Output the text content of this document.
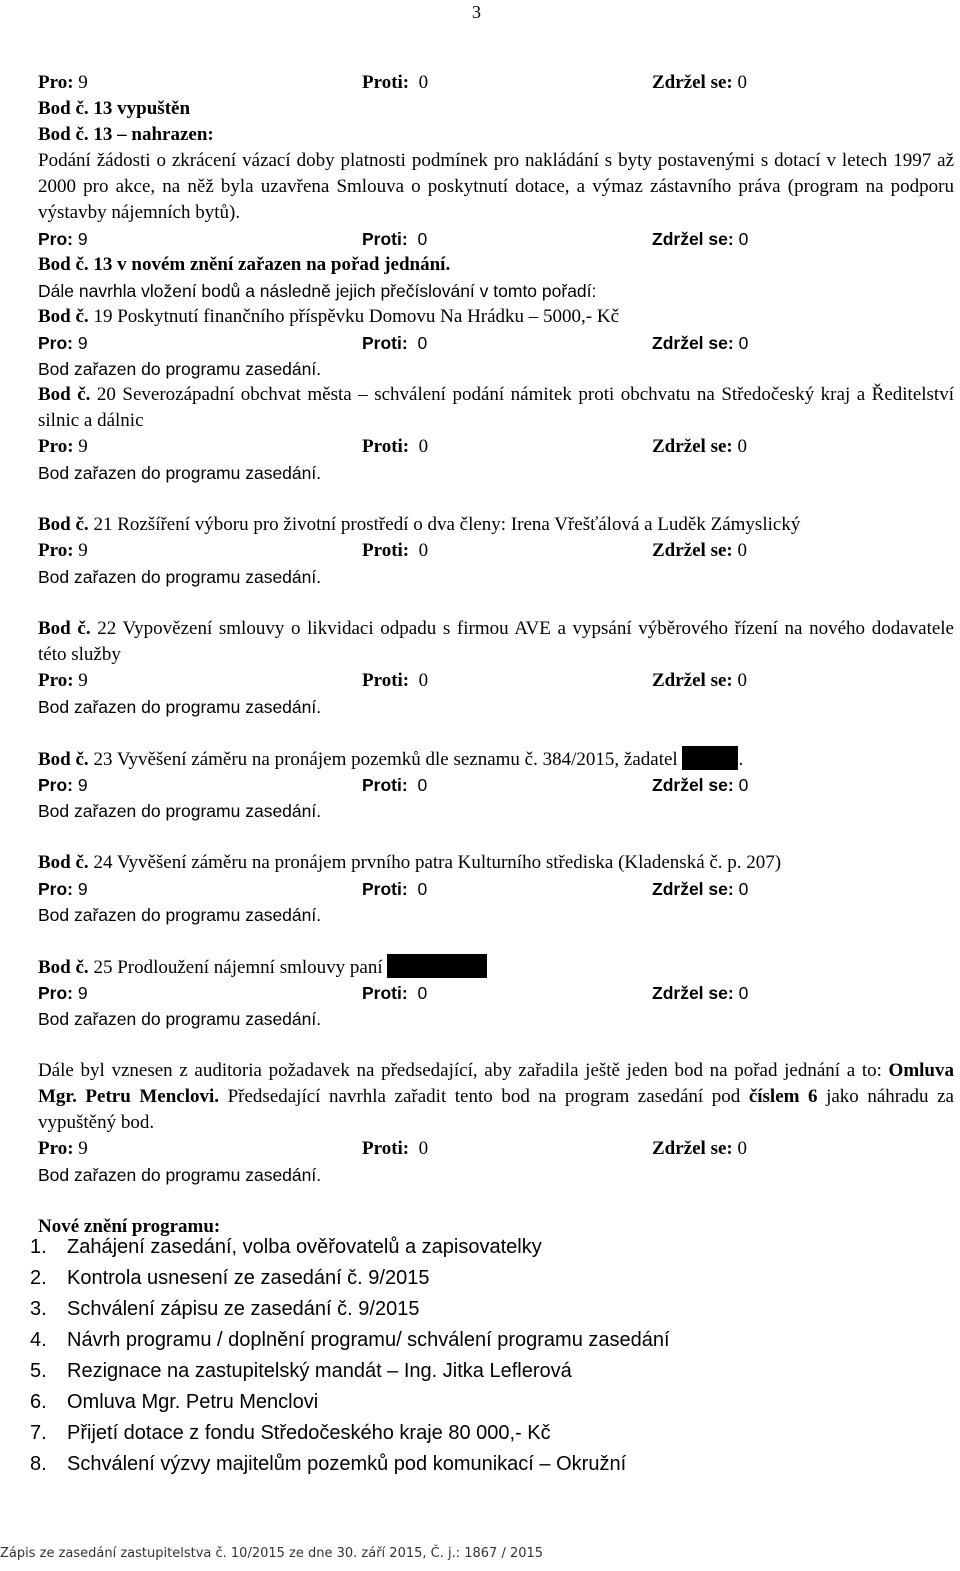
3
Pro: 9	Proti: 0	Zdržel se: 0
Bod č. 13 vypuštěn
Bod č. 13 – nahrazen:
Podání žádosti o zkrácení vázací doby platnosti podmínek pro nakládání s byty postavenými s dotací v letech 1997 až 2000 pro akce, na něž byla uzavřena Smlouva o poskytnutí dotace, a výmaz zástavního práva (program na podporu výstavby nájemních bytů).
Pro: 9	Proti: 0	Zdržel se: 0
Bod č. 13 v novém znění zařazen na pořad jednání.
Dále navrhla vložení bodů a následně jejich přečíslování v tomto pořadí:
Bod č. 19 Poskytnutí finančního příspěvku Domovu Na Hrádku – 5000,- Kč
Pro: 9	Proti: 0	Zdržel se: 0
Bod zařazen do programu zasedání.
Bod č. 20 Severozápadní obchvat města – schválení podání námitek proti obchvatu na Středočeský kraj a Ředitelství silnic a dálnic
Pro: 9	Proti: 0	Zdržel se: 0
Bod zařazen do programu zasedání.
Bod č. 21 Rozšíření výboru pro životní prostředí o dva členy: Irena Vřešťálová a Luděk Zámyslický
Pro: 9	Proti: 0	Zdržel se: 0
Bod zařazen do programu zasedání.
Bod č. 22 Vypovězení smlouvy o likvidaci odpadu s firmou AVE a vypsání výběrového řízení na nového dodavatele této služby
Pro: 9	Proti: 0	Zdržel se: 0
Bod zařazen do programu zasedání.
Bod č. 23 Vyvěšení záměru na pronájem pozemků dle seznamu č. 384/2015, žadatel	.
Pro: 9	Proti: 0	Zdržel se: 0
Bod zařazen do programu zasedání.
Bod č. 24 Vyvěšení záměru na pronájem prvního patra Kulturního střediska (Kladenská č. p. 207)
Pro: 9	Proti: 0	Zdržel se: 0
Bod zařazen do programu zasedání.
Bod č. 25 Prodloužení nájemní smlouvy paní
Pro: 9	Proti: 0	Zdržel se: 0
Bod zařazen do programu zasedání.
Dále byl vznesen z auditoria požadavek na předsedající, aby zařadila ještě jeden bod na pořad jednání a to: Omluva Mgr. Petru Menclovi. Předsedající navrhla zařadit tento bod na program zasedání pod číslem 6 jako náhradu za vypuštěný bod.
Pro: 9	Proti: 0	Zdržel se: 0
Bod zařazen do programu zasedání.
Nové znění programu:
1. Zahájení zasedání, volba ověřovatelů a zapisovatelky
2. Kontrola usnesení ze zasedání č. 9/2015
3. Schválení zápisu ze zasedání č. 9/2015
4. Návrh programu / doplnění programu/ schválení programu zasedání
5. Rezignace na zastupitelský mandát – Ing. Jitka Leflerová
6. Omluva Mgr. Petru Menclovi
7. Přijetí dotace z fondu Středočeského kraje 80 000,- Kč
8. Schválení výzvy majitelům pozemků pod komunikací – Okružní
Zápis ze zasedání zastupitelstva č. 10/2015 ze dne 30. září 2015, Č. j.: 1867 / 2015
